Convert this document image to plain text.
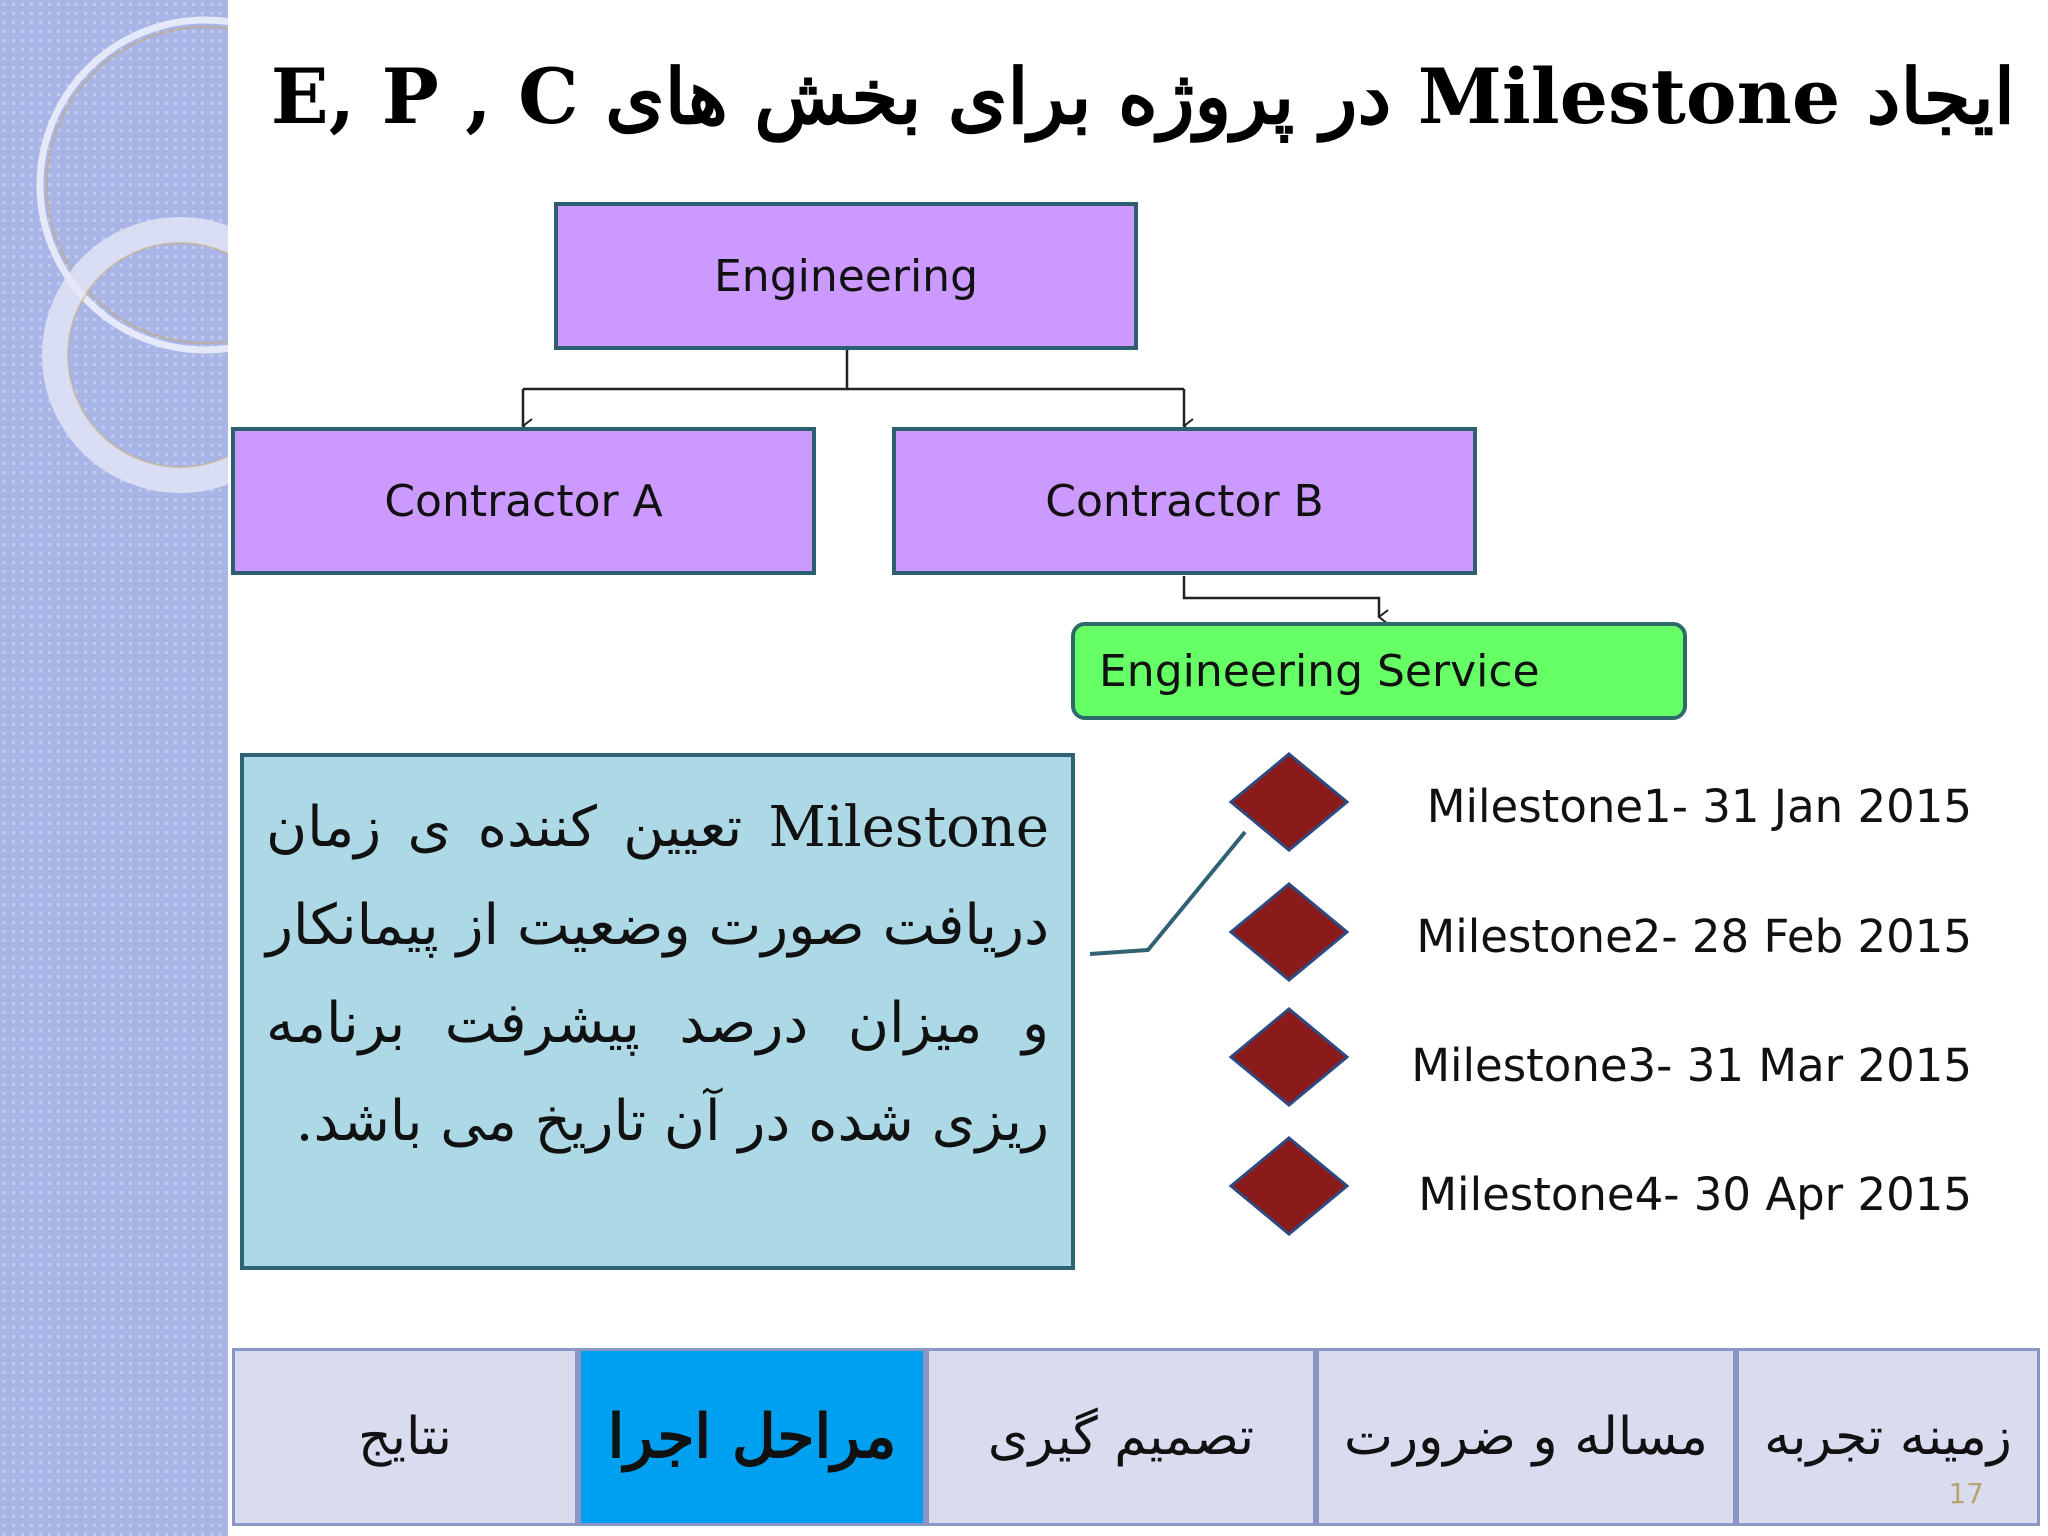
ایجاد Milestone در پروژه برای بخش های E, P , C
Engineering
Contractor A	Contractor B
Engineering Service
Milestone تعیین کننده ی زمان دریافت صورت وضعیت از پیمانکار و میزان درصد پیشرفت برنامه ریزی شده در آن تاریخ می باشد.
Milestone1- 31 Jan 2015
Milestone2- 28 Feb 2015
Milestone3- 31 Mar 2015
Milestone4- 30 Apr 2015
نتایج	مراحل اجرا	تصمیم گیری	مساله و ضرورت	زمینه تجربه
17
